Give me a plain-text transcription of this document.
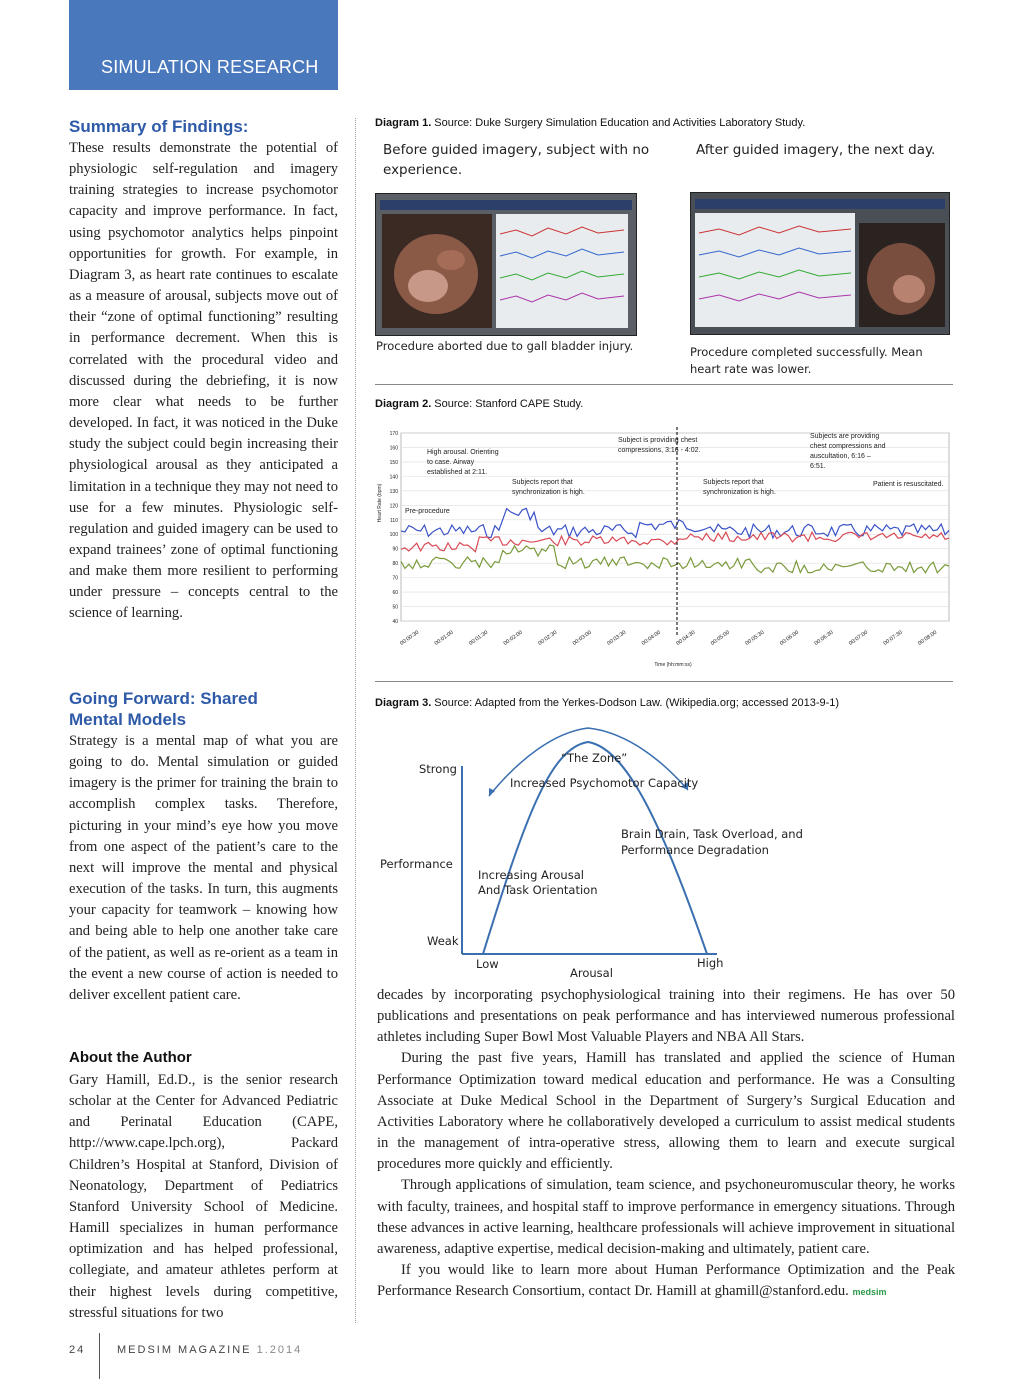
SIMULATION RESEARCH
Summary of Findings:
These results demonstrate the potential of physiologic self-regulation and imagery training strategies to increase psychomotor capacity and improve performance. In fact, using psychomotor analytics helps pinpoint opportunities for growth. For example, in Diagram 3, as heart rate continues to escalate as a measure of arousal, subjects move out of their “zone of optimal functioning” resulting in performance decrement. When this is correlated with the procedural video and discussed during the debriefing, it is now more clear what needs to be further developed. In fact, it was noticed in the Duke study the subject could begin increasing their physiological arousal as they anticipated a limitation in a technique they may not need to use for a few minutes. Physiologic self-regulation and guided imagery can be used to expand trainees’ zone of optimal functioning and make them more resilient to performing under pressure – concepts central to the science of learning.
Going Forward: Shared Mental Models
Strategy is a mental map of what you are going to do. Mental simulation or guided imagery is the primer for training the brain to accomplish complex tasks. Therefore, picturing in your mind’s eye how you move from one aspect of the patient’s care to the next will improve the mental and physical execution of the tasks. In turn, this augments your capacity for teamwork – knowing how and being able to help one another take care of the patient, as well as re-orient as a team in the event a new course of action is needed to deliver excellent patient care.
About the Author
Gary Hamill, Ed.D., is the senior research scholar at the Center for Advanced Pediatric and Perinatal Education (CAPE, http://www.cape.lpch.org), Packard Children’s Hospital at Stanford, Division of Neonatology, Department of Pediatrics Stanford University School of Medicine. Hamill specializes in human performance optimization and has helped professional, collegiate, and amateur athletes perform at their highest levels during competitive, stressful situations for two
Diagram 1. Source: Duke Surgery Simulation Education and Activities Laboratory Study.
Before guided imagery, subject with no experience.
After guided imagery, the next day.
Procedure aborted due to gall bladder injury.	Procedure completed successfully. Mean heart rate was lower.
Diagram 2. Source: Stanford CAPE Study.
Heart Rate (bpm)
170
160
150
140
130
120
110
100
90
80
70
60
50
40
00:00:30 00:01:00 00:01:30 00:02:00 00:02:30 00:03:00 00:03:30 00:04:00 00:04:30 00:05:00 00:05:30 00:06:00 00:06:30 00:07:00 00:07:30 00:08:00
Pre-procedure
High arousal. Orienting
to case. Airway
established at 2:11.
Subjects report that
synchronization is high.
Subject is providing chest
compressions, 3:16 - 4:02.
Subjects report that
synchronization is high.
Subjects are providing
chest compressions and
auscultation, 6:16 –
6:51.
Patient is resuscitated.
Time (hh:mm:ss)
Diagram 3. Source: Adapted from the Yerkes-Dodson Law. (Wikipedia.org; accessed 2013-9-1)
“The Zone”
Increased Psychomotor Capacity
Strong
Performance
Weak
Low
Arousal
High
Brain Drain, Task Overload, and
Performance Degradation
Increasing Arousal
And Task Orientation

decades by incorporating psychophysiological training into their regimens. He has over 50 publications and presentations on peak performance and has interviewed numerous professional athletes including Super Bowl Most Valuable Players and NBA All Stars.

During the past five years, Hamill has translated and applied the science of Human Performance Optimization toward medical education and performance. He was a Consulting Associate at Duke Medical School in the Department of Surgery’s Surgical Education and Activities Laboratory where he collaboratively developed a curriculum to assist medical students in the management of intra-operative stress, allowing them to learn and execute surgical procedures more quickly and efficiently.

Through applications of simulation, team science, and psychoneuromuscular theory, he works with faculty, trainees, and hospital staff to improve performance in emergency situations. Through these advances in active learning, healthcare professionals will achieve improvement in situational awareness, adaptive expertise, medical decision-making and ultimately, patient care.

If you would like to learn more about Human Performance Optimization and the Peak Performance Research Consortium, contact Dr. Hamill at ghamill@stanford.edu. medsim

24	MEDSIM MAGAZINE 1.2014
